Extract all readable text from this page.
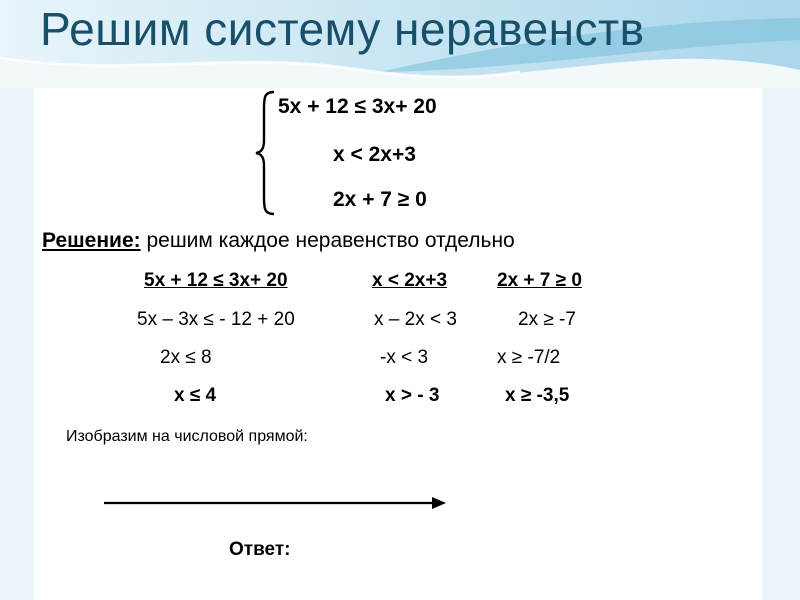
Решим систему неравенств
5x + 12 ≤ 3x+ 20
x < 2x+3
2x + 7 ≥ 0
Решение: решим каждое неравенство отдельно
5x + 12 ≤ 3x+ 20
5x – 3x ≤ - 12 + 20
2x ≤ 8
x ≤ 4
x < 2x+3
x – 2x < 3
-x < 3
x > - 3
2x + 7 ≥ 0
2x ≥ -7
x ≥ -7/2
x ≥ -3,5
Изобразим на числовой прямой:
Ответ:
